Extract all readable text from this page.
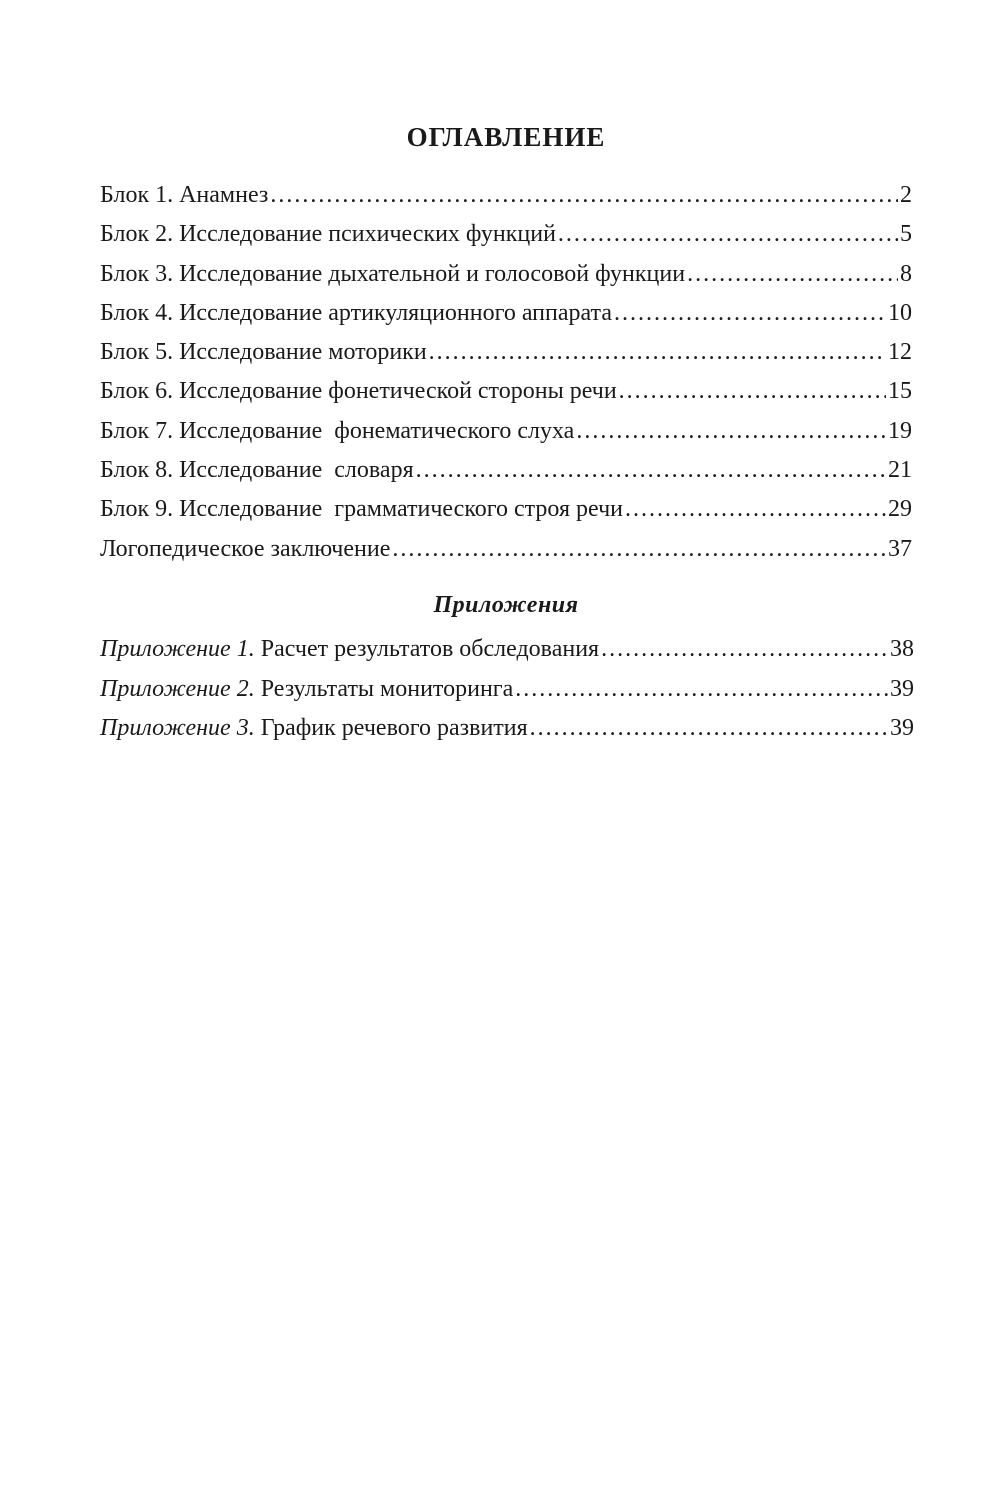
ОГЛАВЛЕНИЕ
Блок 1. Анамнез .....	2
Блок 2. Исследование психических функций .....	5
Блок 3. Исследование дыхательной и голосовой функции .....	8
Блок 4. Исследование артикуляционного аппарата .....	10
Блок 5. Исследование моторики .....	12
Блок 6. Исследование фонетической стороны речи .....	15
Блок 7. Исследование  фонематического слуха .....	19
Блок 8. Исследование  словаря .....	21
Блок 9. Исследование  грамматического строя речи .....	29
Логопедическое заключение .....	37
Приложения
Приложение 1. Расчет результатов обследования .....	38
Приложение 2. Результаты мониторинга .....	39
Приложение 3. График речевого развития .....	39
